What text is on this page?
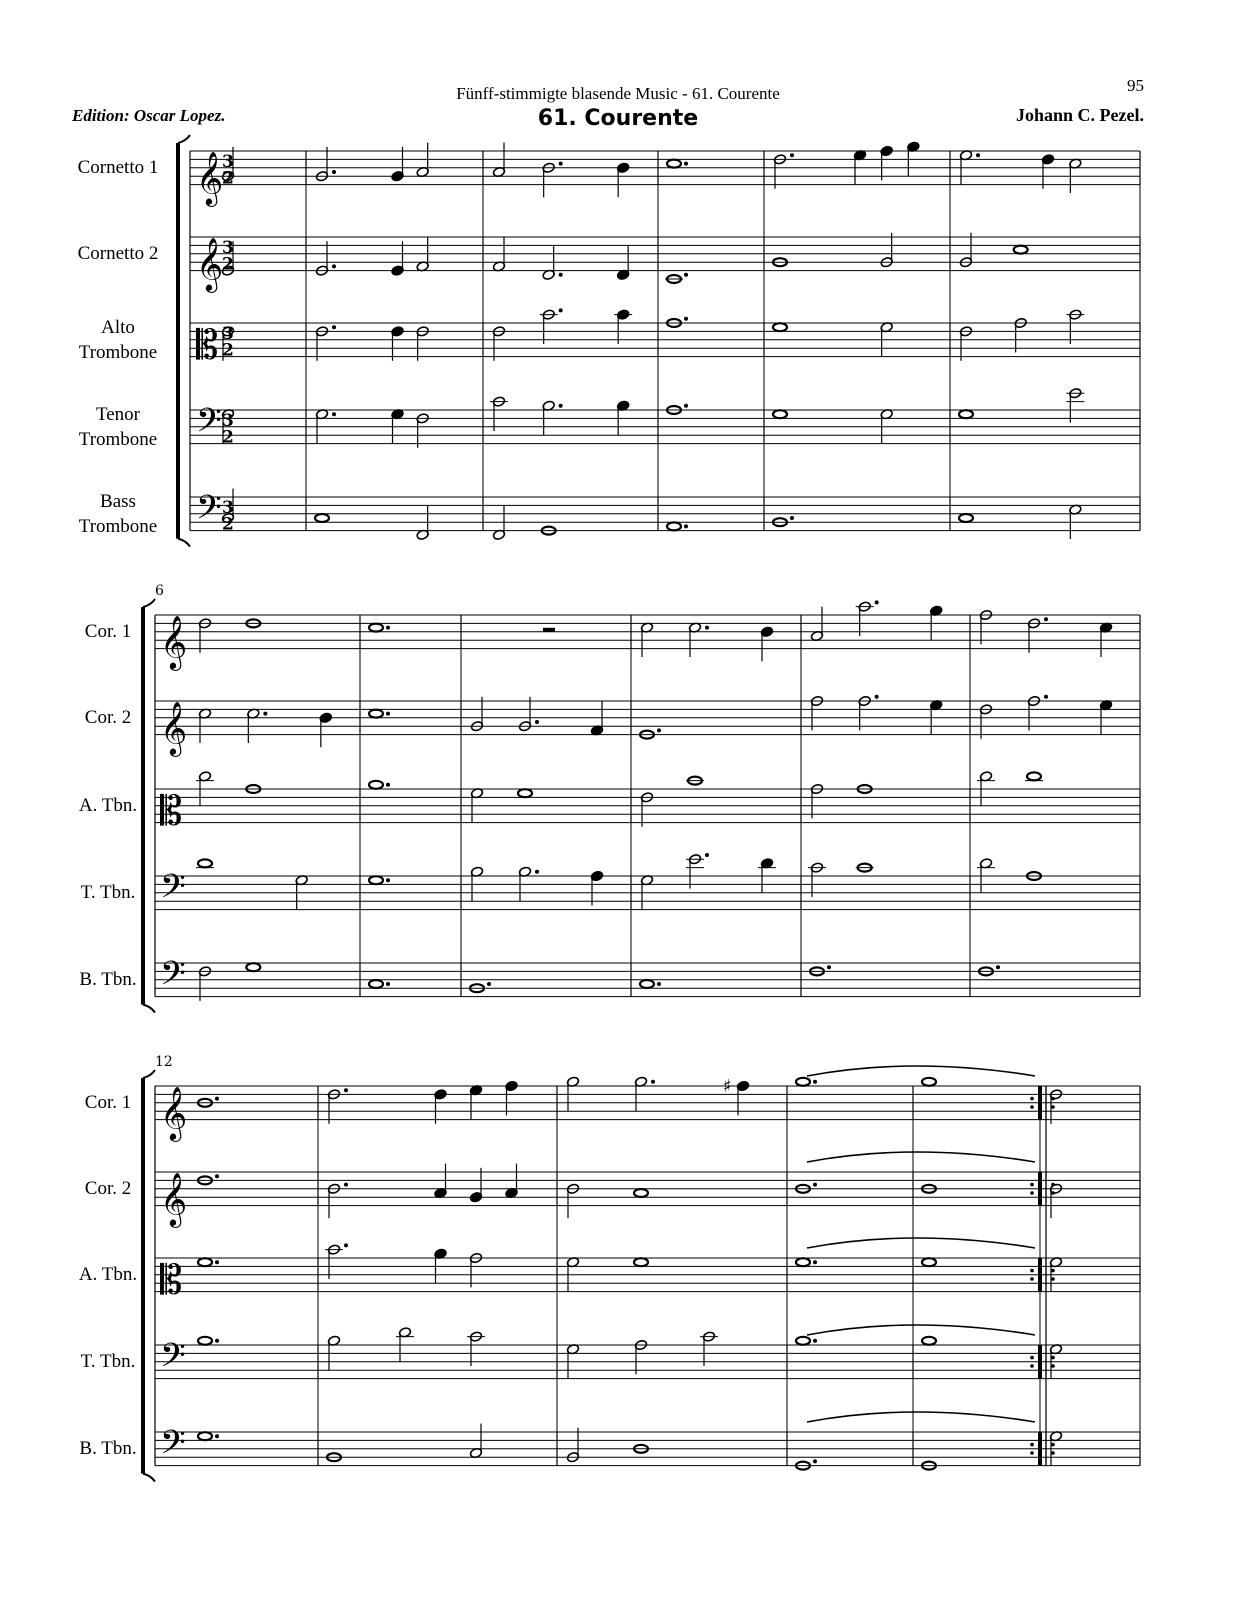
Fünff-stimmigte blasende Music - 61. Courente	95
61. Courente
Edition: Oscar Lopez.	Johann C. Pezel.
Cornetto 1
Cornetto 2
Alto
Trombone
Tenor
Trombone
Bass
Trombone
Cor. 1
Cor. 2
A. Tbn.
T. Tbn.
B. Tbn.
Cor. 1
Cor. 2
A. Tbn.
T. Tbn.
B. Tbn.
𝄞
3
2
𝄞
3
2
𝄡 3
2
𝄢 3
2
𝄢 3
2
6
𝄞
𝄞
𝄡
𝄢
𝄢
12
𝄞	♯
𝄞
𝄡
𝄢
𝄢
